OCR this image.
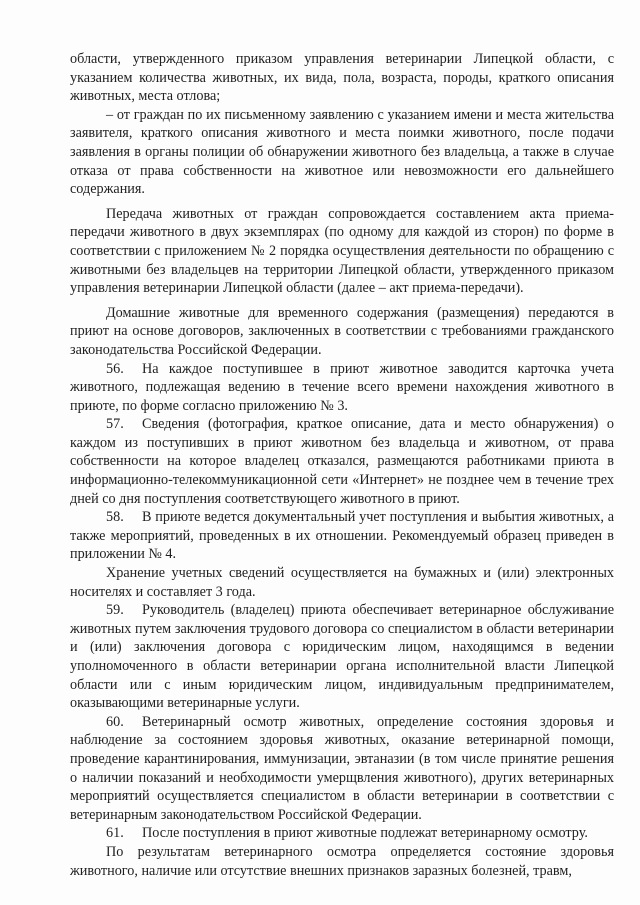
области, утвержденного приказом управления ветеринарии Липецкой области, с указанием количества животных, их вида, пола, возраста, породы, краткого описания животных, места отлова;

– от граждан по их письменному заявлению с указанием имени и места жительства заявителя, краткого описания животного и места поимки животного, после подачи заявления в органы полиции об обнаружении животного без владельца, а также в случае отказа от права собственности на животное или невозможности его дальнейшего содержания.

Передача животных от граждан сопровождается составлением акта приема-передачи животного в двух экземплярах (по одному для каждой из сторон) по форме в соответствии с приложением № 2 порядка осуществления деятельности по обращению с животными без владельцев на территории Липецкой области, утвержденного приказом управления ветеринарии Липецкой области (далее – акт приема-передачи).

Домашние животные для временного содержания (размещения) передаются в приют на основе договоров, заключенных в соответствии с требованиями гражданского законодательства Российской Федерации.

56. На каждое поступившее в приют животное заводится карточка учета животного, подлежащая ведению в течение всего времени нахождения животного в приюте, по форме согласно приложению № 3.

57. Сведения (фотография, краткое описание, дата и место обнаружения) о каждом из поступивших в приют животном без владельца и животном, от права собственности на которое владелец отказался, размещаются работниками приюта в информационно-телекоммуникационной сети «Интернет» не позднее чем в течение трех дней со дня поступления соответствующего животного в приют.

58. В приюте ведется документальный учет поступления и выбытия животных, а также мероприятий, проведенных в их отношении. Рекомендуемый образец приведен в приложении № 4.

Хранение учетных сведений осуществляется на бумажных и (или) электронных носителях и составляет 3 года.

59. Руководитель (владелец) приюта обеспечивает ветеринарное обслуживание животных путем заключения трудового договора со специалистом в области ветеринарии и (или) заключения договора с юридическим лицом, находящимся в ведении уполномоченного в области ветеринарии органа исполнительной власти Липецкой области или с иным юридическим лицом, индивидуальным предпринимателем, оказывающими ветеринарные услуги.

60. Ветеринарный осмотр животных, определение состояния здоровья и наблюдение за состоянием здоровья животных, оказание ветеринарной помощи, проведение карантинирования, иммунизации, эвтаназии (в том числе принятие решения о наличии показаний и необходимости умерщвления животного), других ветеринарных мероприятий осуществляется специалистом в области ветеринарии в соответствии с ветеринарным законодательством Российской Федерации.

61. После поступления в приют животные подлежат ветеринарному осмотру.

По результатам ветеринарного осмотра определяется состояние здоровья животного, наличие или отсутствие внешних признаков заразных болезней, травм,
